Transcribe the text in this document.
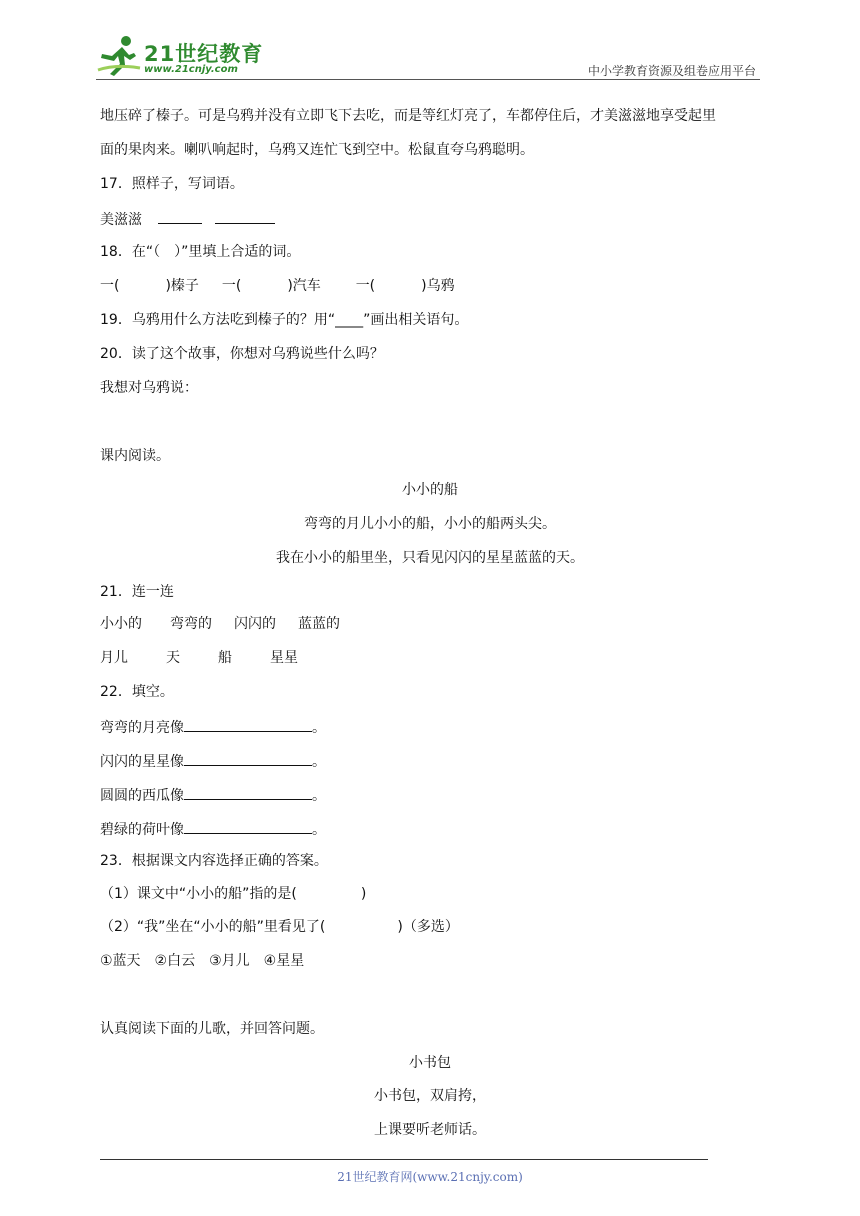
21世纪教育
www.21cnjy.com	中小学教育资源及组卷应用平台
地压碎了榛子。可是乌鸦并没有立即飞下去吃，而是等红灯亮了，车都停住后，才美滋滋地享受起里
面的果肉来。喇叭响起时，乌鸦又连忙飞到空中。松鼠直夸乌鸦聪明。
17．照样子，写词语。
美滋滋
18．在“（　）”里填上合适的词。
一(	)榛子 一(	)汽车 一(	)乌鸦
19．乌鸦用什么方法吃到榛子的？用“____”画出相关语句。
20．读了这个故事，你想对乌鸦说些什么吗？
我想对乌鸦说：
课内阅读。
小小的船
弯弯的月儿小小的船，小小的船两头尖。
我在小小的船里坐，只看见闪闪的星星蓝蓝的天。
21．连一连
小小的 弯弯的 闪闪的 蓝蓝的
月儿	天	船	星星
22．填空。
弯弯的月亮像	。
闪闪的星星像	。
圆圆的西瓜像	。
碧绿的荷叶像	。
23．根据课文内容选择正确的答案。
（1）课文中“小小的船”指的是(	)
（2）“我”坐在“小小的船”里看见了(	)（多选）
①蓝天　②白云　③月儿　④星星
认真阅读下面的儿歌，并回答问题。
小书包
小书包，双肩挎，
上课要听老师话。
21世纪教育网(www.21cnjy.com)
